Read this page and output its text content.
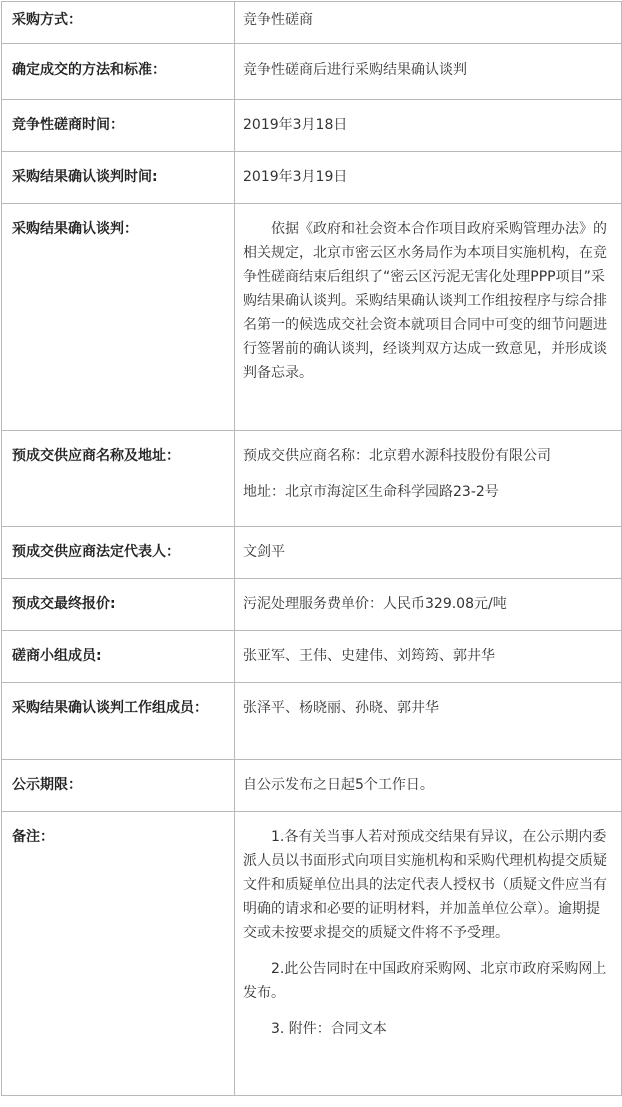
采购方式：	竞争性磋商
确定成交的方法和标准：	竞争性磋商后进行采购结果确认谈判
竞争性磋商时间：	2019年3月18日
采购结果确认谈判时间:	2019年3月19日
采购结果确认谈判：	依据《政府和社会资本合作项目政府采购管理办法》的相关规定，北京市密云区水务局作为本项目实施机构，在竞争性磋商结束后组织了“密云区污泥无害化处理PPP项目”采购结果确认谈判。采购结果确认谈判工作组按程序与综合排名第一的候选成交社会资本就项目合同中可变的细节问题进行签署前的确认谈判，经谈判双方达成一致意见，并形成谈判备忘录。

预成交供应商名称及地址：	预成交供应商名称：北京碧水源科技股份有限公司

地址：北京市海淀区生命科学园路23-2号

预成交供应商法定代表人：	文剑平
预成交最终报价:	污泥处理服务费单价：人民币329.08元/吨
磋商小组成员:	张亚军、王伟、史建伟、刘筠筠、郭井华
采购结果确认谈判工作组成员：	张泽平、杨晓丽、孙晓、郭井华
公示期限：	自公示发布之日起5个工作日。
备注：	1.各有关当事人若对预成交结果有异议，在公示期内委派人员以书面形式向项目实施机构和采购代理机构提交质疑文件和质疑单位出具的法定代表人授权书（质疑文件应当有明确的请求和必要的证明材料，并加盖单位公章）。逾期提交或未按要求提交的质疑文件将不予受理。

2.此公告同时在中国政府采购网、北京市政府采购网上发布。

3. 附件：合同文本
